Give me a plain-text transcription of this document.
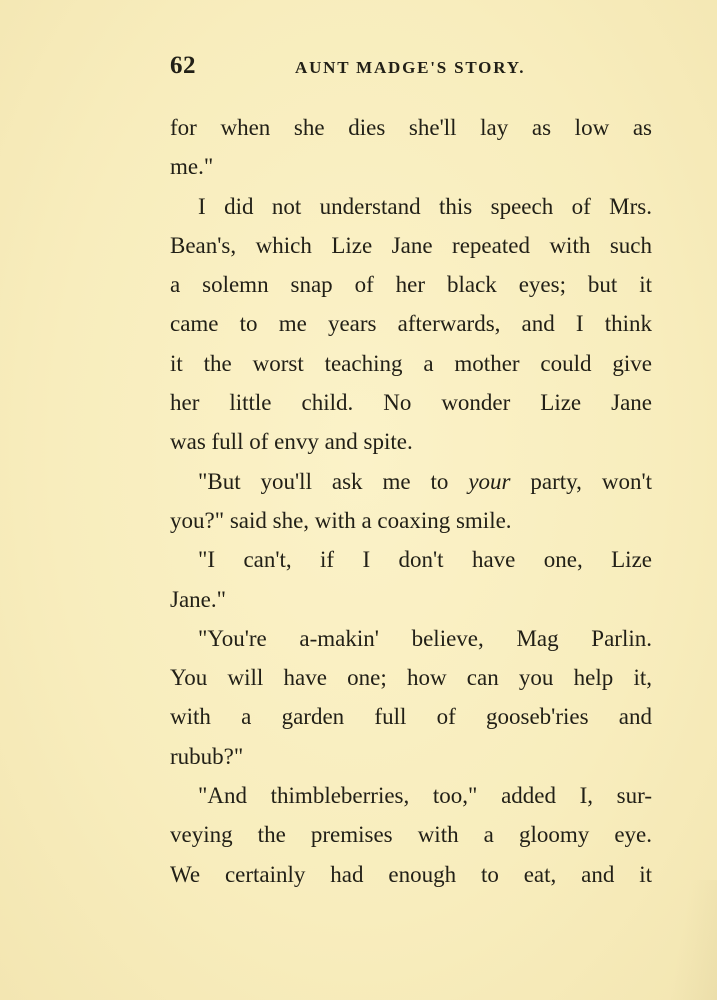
62	AUNT MADGE'S STORY.
for when she dies she'll lay as low as
me."
I did not understand this speech of Mrs.
Bean's, which Lize Jane repeated with such
a solemn snap of her black eyes; but it
came to me years afterwards, and I think
it the worst teaching a mother could give
her little child. No wonder Lize Jane
was full of envy and spite.
"But you'll ask me to your party, won't
you?" said she, with a coaxing smile.
"I can't, if I don't have one, Lize
Jane."
"You're a-makin' believe, Mag Parlin.
You will have one; how can you help it,
with a garden full of gooseb'ries and
rubub?"
"And thimbleberries, too," added I, sur-
veying the premises with a gloomy eye.
We certainly had enough to eat, and it
